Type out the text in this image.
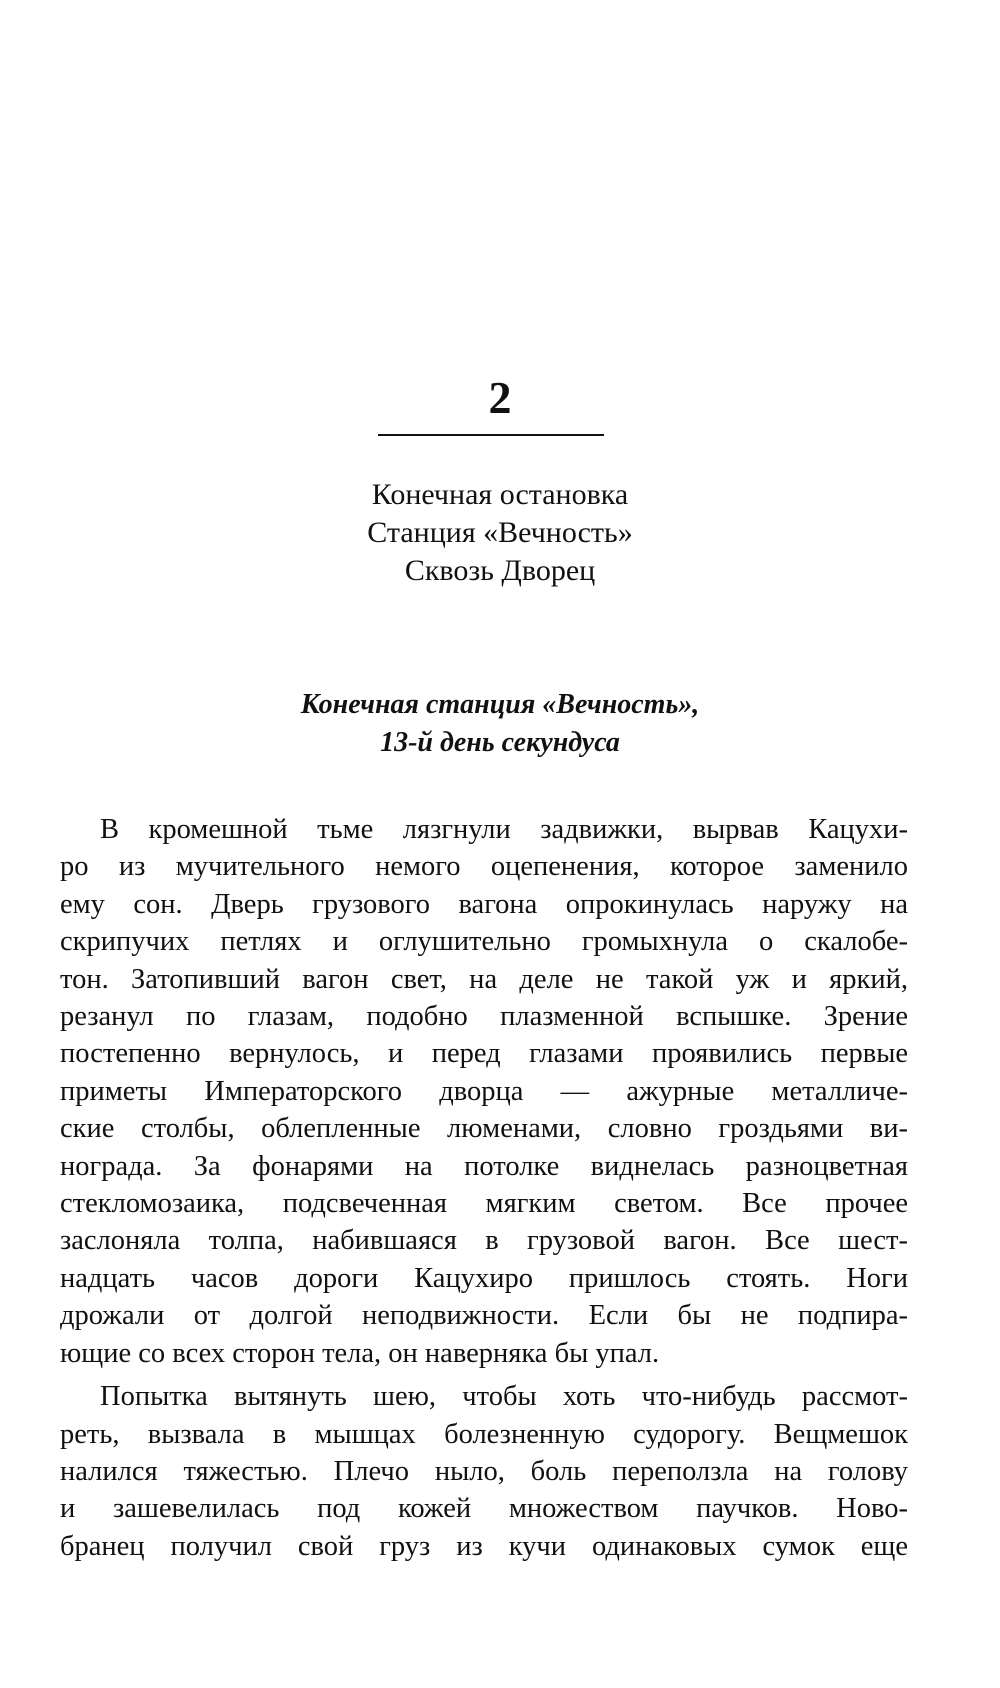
2
Конечная остановка
Станция «Вечность»
Сквозь Дворец
Конечная станция «Вечность»,
13-й день секундуса
В кромешной тьме лязгнули задвижки, вырвав Кацухи-
ро из мучительного немого оцепенения, которое заменило
ему сон. Дверь грузового вагона опрокинулась наружу на
скрипучих петлях и оглушительно громыхнула о скалобе-
тон. Затопивший вагон свет, на деле не такой уж и яркий,
резанул по глазам, подобно плазменной вспышке. Зрение
постепенно вернулось, и перед глазами проявились первые
приметы Императорского дворца — ажурные металличе-
ские столбы, облепленные люменами, словно гроздьями ви-
нограда. За фонарями на потолке виднелась разноцветная
стекломозаика, подсвеченная мягким светом. Все прочее
заслоняла толпа, набившаяся в грузовой вагон. Все шест-
надцать часов дороги Кацухиро пришлось стоять. Ноги
дрожали от долгой неподвижности. Если бы не подпира-
ющие со всех сторон тела, он наверняка бы упал.
Попытка вытянуть шею, чтобы хоть что-нибудь рассмот-
реть, вызвала в мышцах болезненную судорогу. Вещмешок
налился тяжестью. Плечо ныло, боль переползла на голову
и зашевелилась под кожей множеством паучков. Ново-
бранец получил свой груз из кучи одинаковых сумок еще
